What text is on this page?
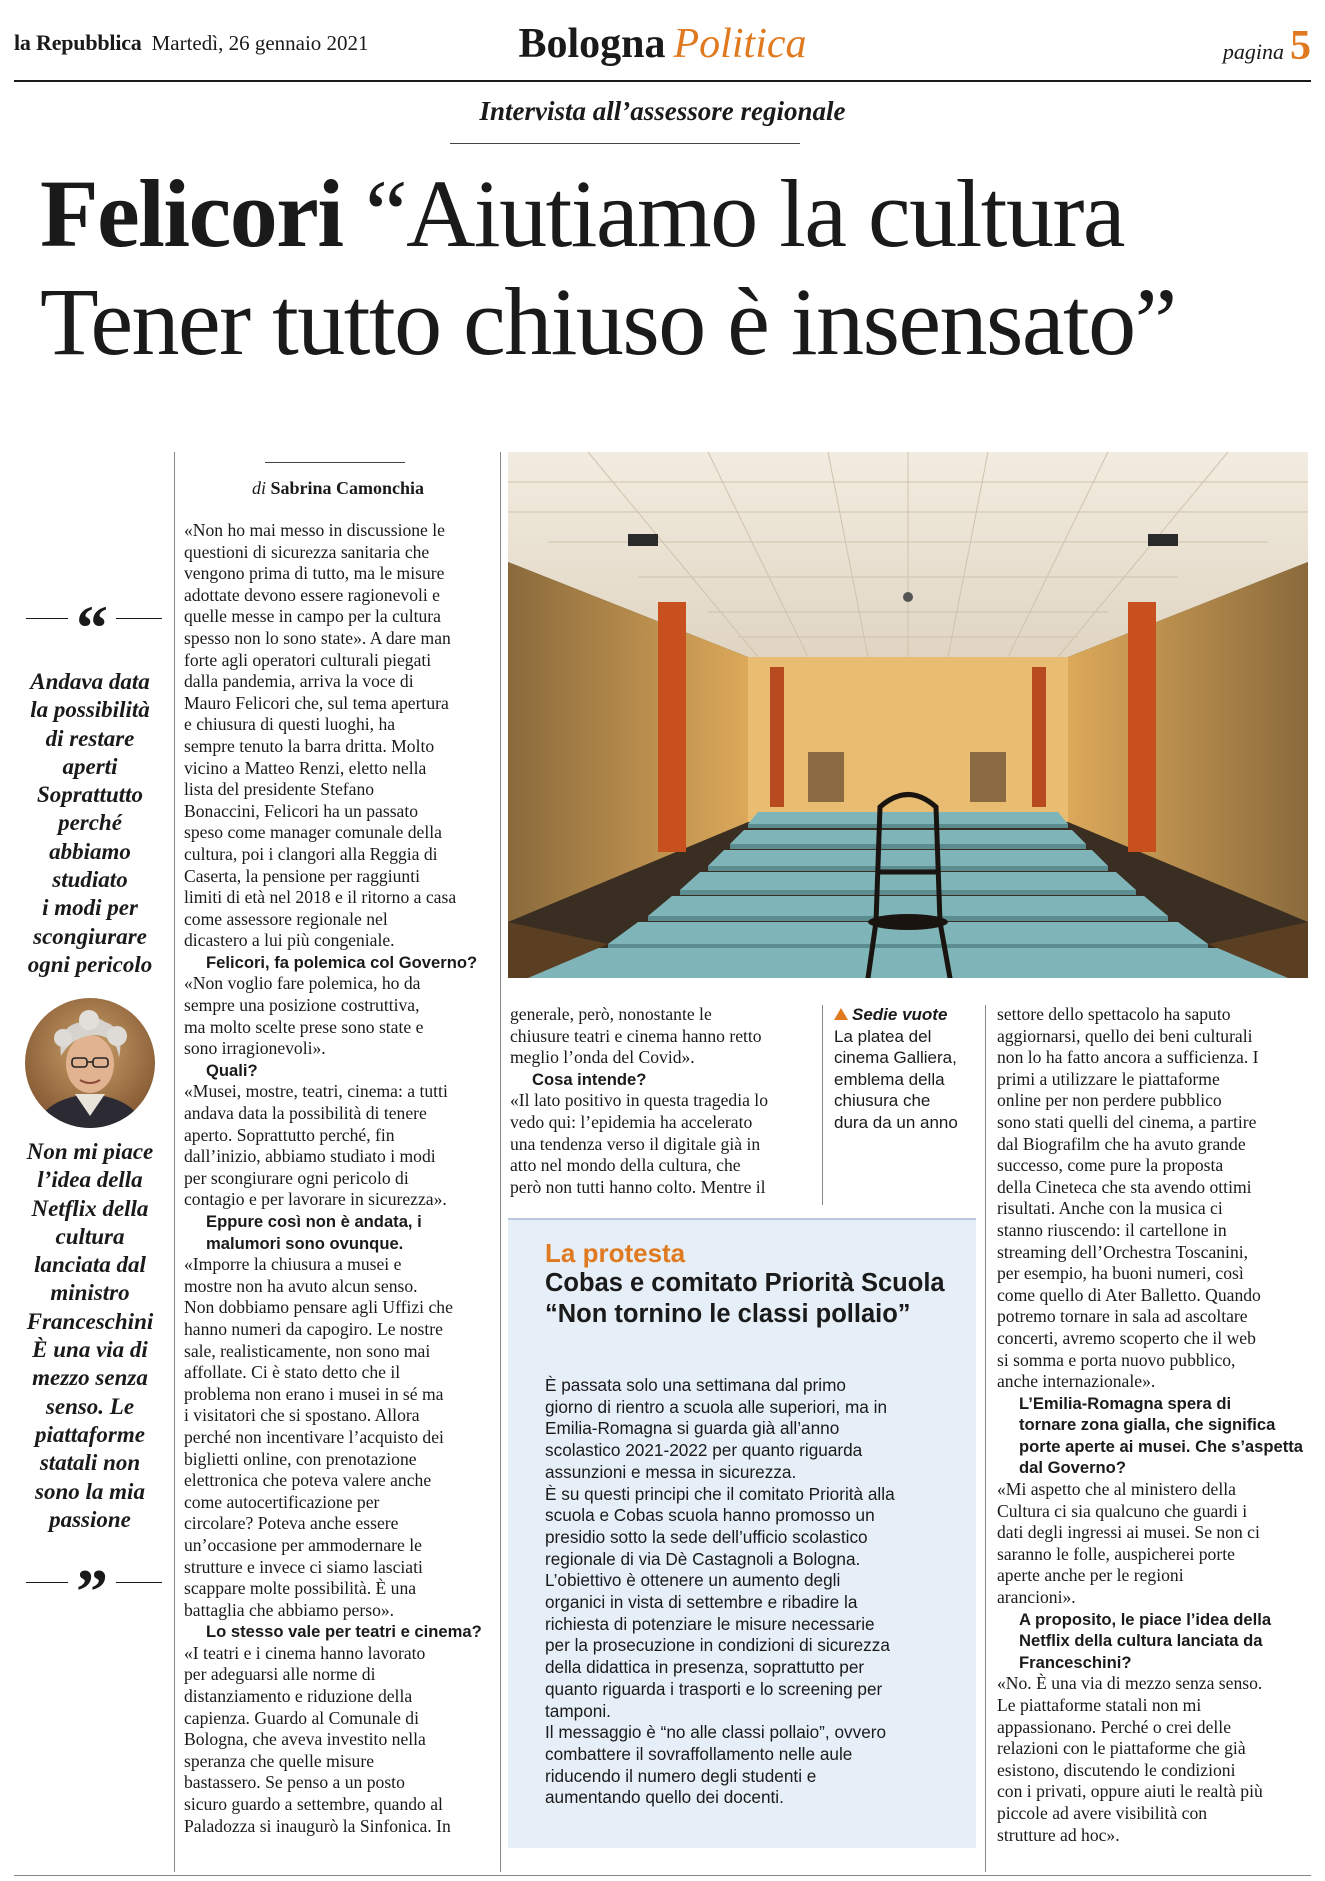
la Repubblica Martedì, 26 gennaio 2021	Bologna Politica	pagina 5
Intervista all’assessore regionale
Felicori “Aiutiamo la cultura
Tener tutto chiuso è insensato”
“
Andava data
la possibilità
di restare
aperti
Soprattutto
perché
abbiamo
studiato
i modi per
scongiurare
ogni pericolo
Non mi piace
l’idea della
Netflix della
cultura
lanciata dal
ministro
Franceschini
È una via di
mezzo senza
senso. Le
piattaforme
statali non
sono la mia
passione
”
di Sabrina Camonchia

«Non ho mai messo in discussione le
questioni di sicurezza sanitaria che
vengono prima di tutto, ma le misure
adottate devono essere ragionevoli e
quelle messe in campo per la cultura
spesso non lo sono state». A dare man
forte agli operatori culturali piegati
dalla pandemia, arriva la voce di
Mauro Felicori che, sul tema apertura
e chiusura di questi luoghi, ha
sempre tenuto la barra dritta. Molto
vicino a Matteo Renzi, eletto nella
lista del presidente Stefano
Bonaccini, Felicori ha un passato
speso come manager comunale della
cultura, poi i clangori alla Reggia di
Caserta, la pensione per raggiunti
limiti di età nel 2018 e il ritorno a casa
come assessore regionale nel
dicastero a lui più congeniale.

Felicori, fa polemica col Governo?

«Non voglio fare polemica, ho da
sempre una posizione costruttiva,
ma molto scelte prese sono state e
sono irragionevoli».

Quali?

«Musei, mostre, teatri, cinema: a tutti
andava data la possibilità di tenere
aperto. Soprattutto perché, fin
dall’inizio, abbiamo studiato i modi
per scongiurare ogni pericolo di
contagio e per lavorare in sicurezza».

Eppure così non è andata, i
malumori sono ovunque.

«Imporre la chiusura a musei e
mostre non ha avuto alcun senso.
Non dobbiamo pensare agli Uffizi che
hanno numeri da capogiro. Le nostre
sale, realisticamente, non sono mai
affollate. Ci è stato detto che il
problema non erano i musei in sé ma
i visitatori che si spostano. Allora
perché non incentivare l’acquisto dei
biglietti online, con prenotazione
elettronica che poteva valere anche
come autocertificazione per
circolare? Poteva anche essere
un’occasione per ammodernare le
strutture e invece ci siamo lasciati
scappare molte possibilità. È una
battaglia che abbiamo perso».

Lo stesso vale per teatri e cinema?

«I teatri e i cinema hanno lavorato
per adeguarsi alle norme di
distanziamento e riduzione della
capienza. Guardo al Comunale di
Bologna, che aveva investito nella
speranza che quelle misure
bastassero. Se penso a un posto
sicuro guardo a settembre, quando al
Paladozza si inaugurò la Sinfonica. In

generale, però, nonostante le
chiusure teatri e cinema hanno retto
meglio l’onda del Covid».

Cosa intende?

«Il lato positivo in questa tragedia lo
vedo qui: l’epidemia ha accelerato
una tendenza verso il digitale già in
atto nel mondo della cultura, che
però non tutti hanno colto. Mentre il

settore dello spettacolo ha saputo
aggiornarsi, quello dei beni culturali
non lo ha fatto ancora a sufficienza. I
primi a utilizzare le piattaforme
online per non perdere pubblico
sono stati quelli del cinema, a partire
dal Biografilm che ha avuto grande
successo, come pure la proposta
della Cineteca che sta avendo ottimi
risultati. Anche con la musica ci
stanno riuscendo: il cartellone in
streaming dell’Orchestra Toscanini,
per esempio, ha buoni numeri, così
come quello di Ater Balletto. Quando
potremo tornare in sala ad ascoltare
concerti, avremo scoperto che il web
si somma e porta nuovo pubblico,
anche internazionale».

L’Emilia-Romagna spera di
tornare zona gialla, che significa
porte aperte ai musei. Che s’aspetta
dal Governo?

«Mi aspetto che al ministero della
Cultura ci sia qualcuno che guardi i
dati degli ingressi ai musei. Se non ci
saranno le folle, auspicherei porte
aperte anche per le regioni
arancioni».

A proposito, le piace l’idea della
Netflix della cultura lanciata da
Franceschini?

«No. È una via di mezzo senza senso.
Le piattaforme statali non mi
appassionano. Perché o crei delle
relazioni con le piattaforme che già
esistono, discutendo le condizioni
con i privati, oppure aiuti le realtà più
piccole ad avere visibilità con
strutture ad hoc».

Sedie vuote
La platea del
cinema Galliera,
emblema della
chiusura che
dura da un anno
La protesta
Cobas e comitato Priorità Scuola
“Non tornino le classi pollaio”

È passata solo una settimana dal primo
giorno di rientro a scuola alle superiori, ma in
Emilia-Romagna si guarda già all’anno
scolastico 2021-2022 per quanto riguarda
assunzioni e messa in sicurezza.

È su questi principi che il comitato Priorità alla
scuola e Cobas scuola hanno promosso un
presidio sotto la sede dell’ufficio scolastico
regionale di via Dè Castagnoli a Bologna.
L’obiettivo è ottenere un aumento degli
organici in vista di settembre e ribadire la
richiesta di potenziare le misure necessarie
per la prosecuzione in condizioni di sicurezza
della didattica in presenza, soprattutto per
quanto riguarda i trasporti e lo screening per
tamponi.

Il messaggio è “no alle classi pollaio”, ovvero
combattere il sovraffollamento nelle aule
riducendo il numero degli studenti e
aumentando quello dei docenti.
